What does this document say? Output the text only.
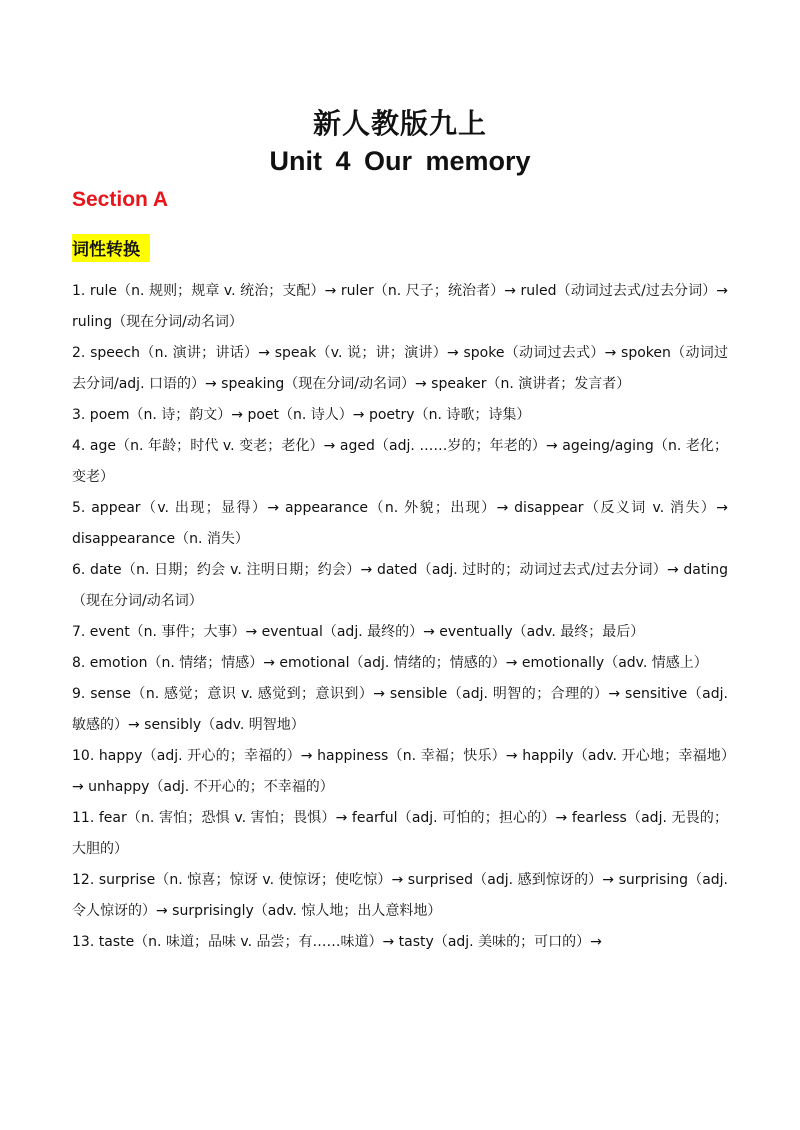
新人教版九上
Unit 4 Our memory
Section A
词性转换

1. rule（n. 规则；规章 v. 统治；支配）→ ruler（n. 尺子；统治者）→ ruled（动词过去式/过去分词）→ ruling（现在分词/动名词）

2. speech（n. 演讲；讲话）→ speak（v. 说；讲；演讲）→ spoke（动词过去式）→ spoken（动词过去分词/adj. 口语的）→ speaking（现在分词/动名词）→ speaker（n. 演讲者；发言者）

3. poem（n. 诗；韵文）→ poet（n. 诗人）→ poetry（n. 诗歌；诗集）

4. age（n. 年龄；时代 v. 变老；老化）→ aged（adj. ……岁的；年老的）→ ageing/aging（n. 老化；变老）

5. appear（v. 出现；显得）→ appearance（n. 外貌；出现）→ disappear（反义词 v. 消失）→ disappearance（n. 消失）

6. date（n. 日期；约会 v. 注明日期；约会）→ dated（adj. 过时的；动词过去式/过去分词）→ dating（现在分词/动名词）

7. event（n. 事件；大事）→ eventual（adj. 最终的）→ eventually（adv. 最终；最后）

8. emotion（n. 情绪；情感）→ emotional（adj. 情绪的；情感的）→ emotionally（adv. 情感上）

9. sense（n. 感觉；意识 v. 感觉到；意识到）→ sensible（adj. 明智的；合理的）→ sensitive（adj. 敏感的）→ sensibly（adv. 明智地）

10. happy（adj. 开心的；幸福的）→ happiness（n. 幸福；快乐）→ happily（adv. 开心地；幸福地）→ unhappy（adj. 不开心的；不幸福的）

11. fear（n. 害怕；恐惧 v. 害怕；畏惧）→ fearful（adj. 可怕的；担心的）→ fearless（adj. 无畏的；大胆的）

12. surprise（n. 惊喜；惊讶 v. 使惊讶；使吃惊）→ surprised（adj. 感到惊讶的）→ surprising（adj. 令人惊讶的）→ surprisingly（adv. 惊人地；出人意料地）

13. taste（n. 味道；品味 v. 品尝；有……味道）→ tasty（adj. 美味的；可口的）→
